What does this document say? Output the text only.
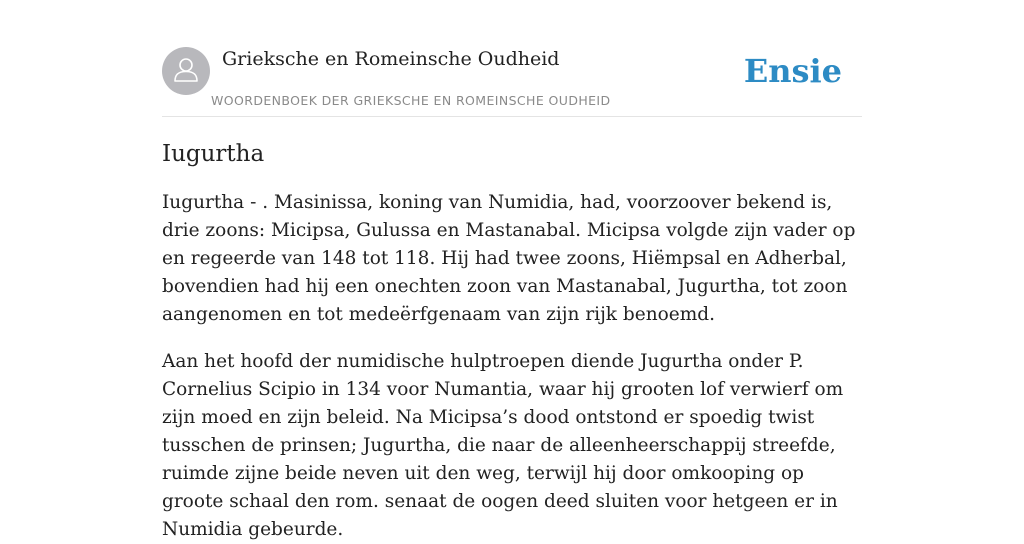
Grieksche en Romeinsche Oudheid
WOORDENBOEK DER GRIEKSCHE EN ROMEINSCHE OUDHEID
Ensie
Iugurtha

Iugurtha - . Masinissa, koning van Numidia, had, voorzoover bekend is, drie zoons: Micipsa, Gulussa en Mastanabal. Micipsa volgde zijn vader op en regeerde van 148 tot 118. Hij had twee zoons, Hiëmpsal en Adherbal, bovendien had hij een onechten zoon van Mastanabal, Jugurtha, tot zoon aangenomen en tot medeërfgenaam van zijn rijk benoemd.

Aan het hoofd der numidische hulptroepen diende Jugurtha onder P. Cornelius Scipio in 134 voor Numantia, waar hij grooten lof verwierf om zijn moed en zijn beleid. Na Micipsa’s dood ontstond er spoedig twist tusschen de prinsen; Jugurtha, die naar de alleenheerschappij streefde, ruimde zijne beide neven uit den weg, terwijl hij door omkooping op groote schaal den rom. senaat de oogen deed sluiten voor hetgeen er in Numidia gebeurde.
